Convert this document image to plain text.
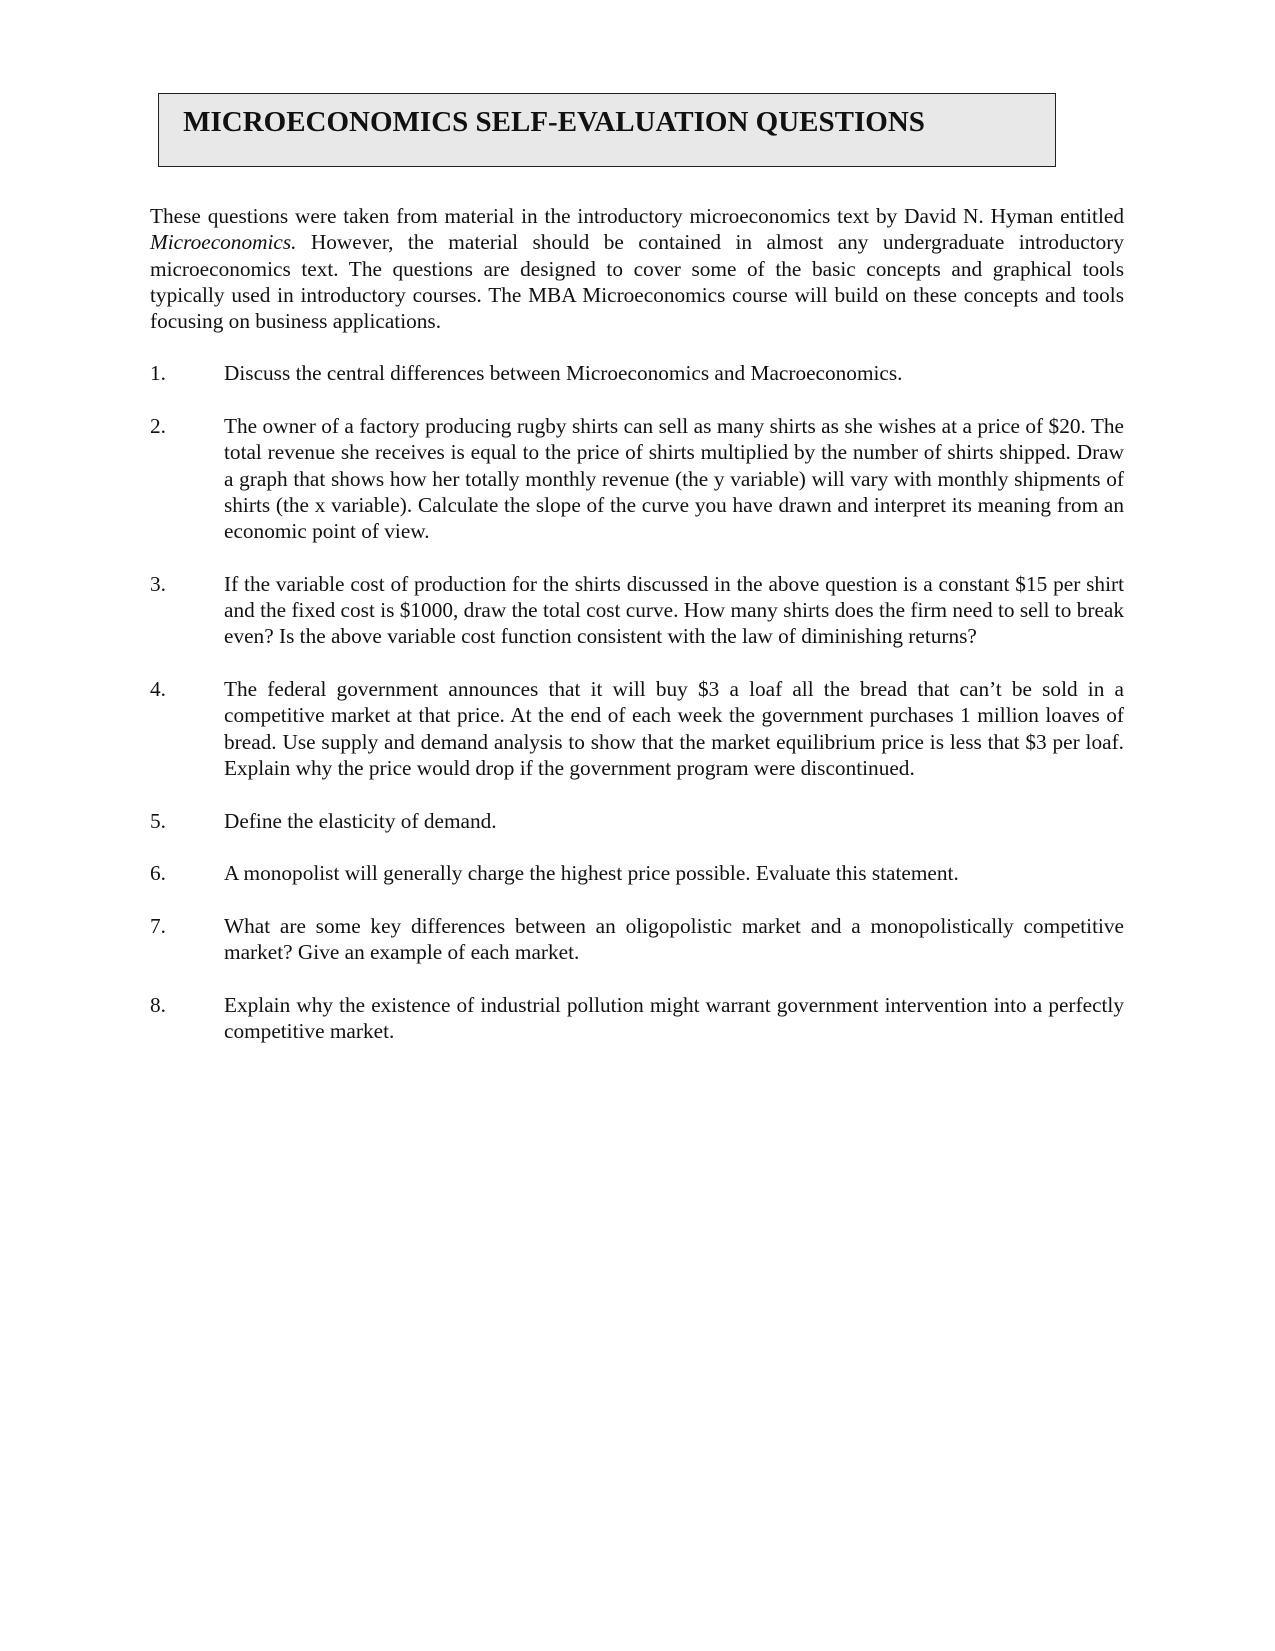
MICROECONOMICS SELF-EVALUATION QUESTIONS

These questions were taken from material in the introductory microeconomics text by David N. Hyman entitled Microeconomics. However, the material should be contained in almost any undergraduate introductory microeconomics text. The questions are designed to cover some of the basic concepts and graphical tools typically used in introductory courses. The MBA Microeconomics course will build on these concepts and tools focusing on business applications.

1.	Discuss the central differences between Microeconomics and Macroeconomics.
2.	The owner of a factory producing rugby shirts can sell as many shirts as she wishes at a price of $20. The total revenue she receives is equal to the price of shirts multiplied by the number of shirts shipped. Draw a graph that shows how her totally monthly revenue (the y variable) will vary with monthly shipments of shirts (the x variable). Calculate the slope of the curve you have drawn and interpret its meaning from an economic point of view.
3.	If the variable cost of production for the shirts discussed in the above question is a constant $15 per shirt and the fixed cost is $1000, draw the total cost curve. How many shirts does the firm need to sell to break even? Is the above variable cost function consistent with the law of diminishing returns?
4.	The federal government announces that it will buy $3 a loaf all the bread that can’t be sold in a competitive market at that price. At the end of each week the government purchases 1 million loaves of bread. Use supply and demand analysis to show that the market equilibrium price is less that $3 per loaf. Explain why the price would drop if the government program were discontinued.
5.	Define the elasticity of demand.
6.	A monopolist will generally charge the highest price possible. Evaluate this statement.
7.	What are some key differences between an oligopolistic market and a monopolistically competitive market? Give an example of each market.
8.	Explain why the existence of industrial pollution might warrant government intervention into a perfectly competitive market.
